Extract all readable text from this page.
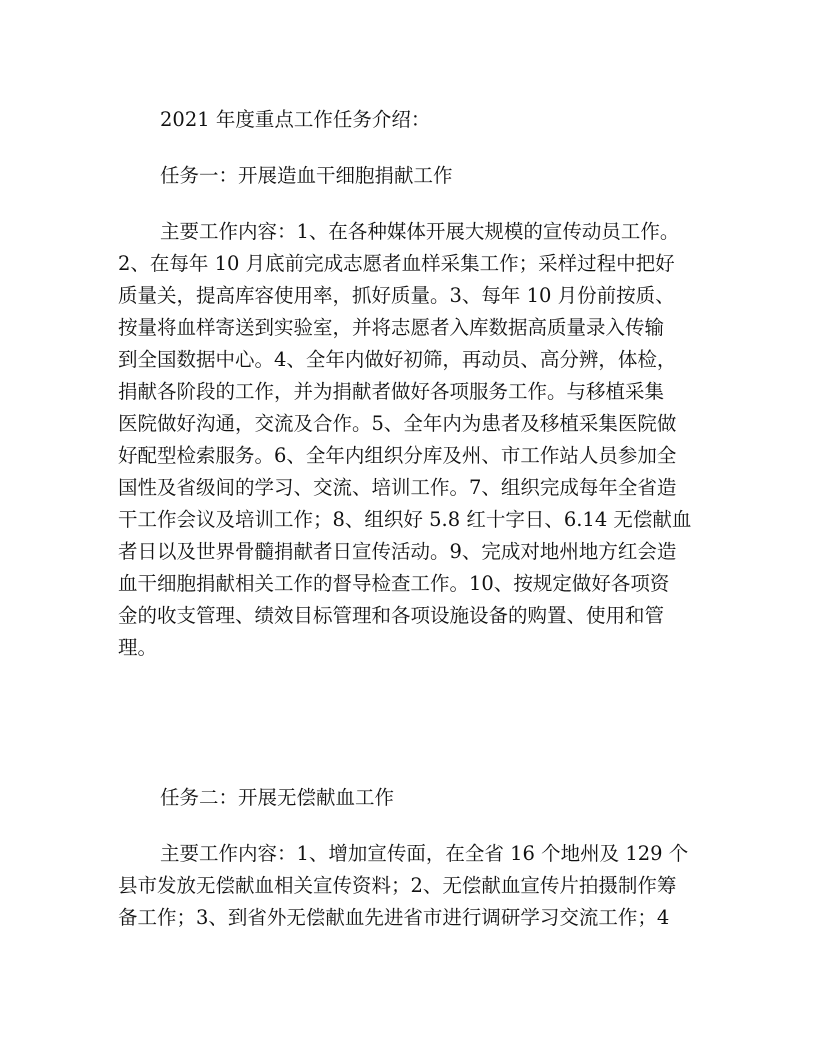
2021 年度重点工作任务介绍：

任务一：开展造血干细胞捐献工作

主要工作内容：1、在各种媒体开展大规模的宣传动员工作。
2、在每年 10 月底前完成志愿者血样采集工作；采样过程中把好
质量关，提高库容使用率，抓好质量。3、每年 10 月份前按质、
按量将血样寄送到实验室，并将志愿者入库数据高质量录入传输
到全国数据中心。4、全年内做好初筛，再动员、高分辨，体检，
捐献各阶段的工作，并为捐献者做好各项服务工作。与移植采集
医院做好沟通，交流及合作。5、全年内为患者及移植采集医院做
好配型检索服务。6、全年内组织分库及州、市工作站人员参加全
国性及省级间的学习、交流、培训工作。7、组织完成每年全省造
干工作会议及培训工作；8、组织好 5.8 红十字日、6.14 无偿献血
者日以及世界骨髓捐献者日宣传活动。9、完成对地州地方红会造
血干细胞捐献相关工作的督导检查工作。10、按规定做好各项资
金的收支管理、绩效目标管理和各项设施设备的购置、使用和管
理。

任务二：开展无偿献血工作

主要工作内容：1、增加宣传面，在全省 16 个地州及 129 个
县市发放无偿献血相关宣传资料；2、无偿献血宣传片拍摄制作筹
备工作；3、到省外无偿献血先进省市进行调研学习交流工作；4
